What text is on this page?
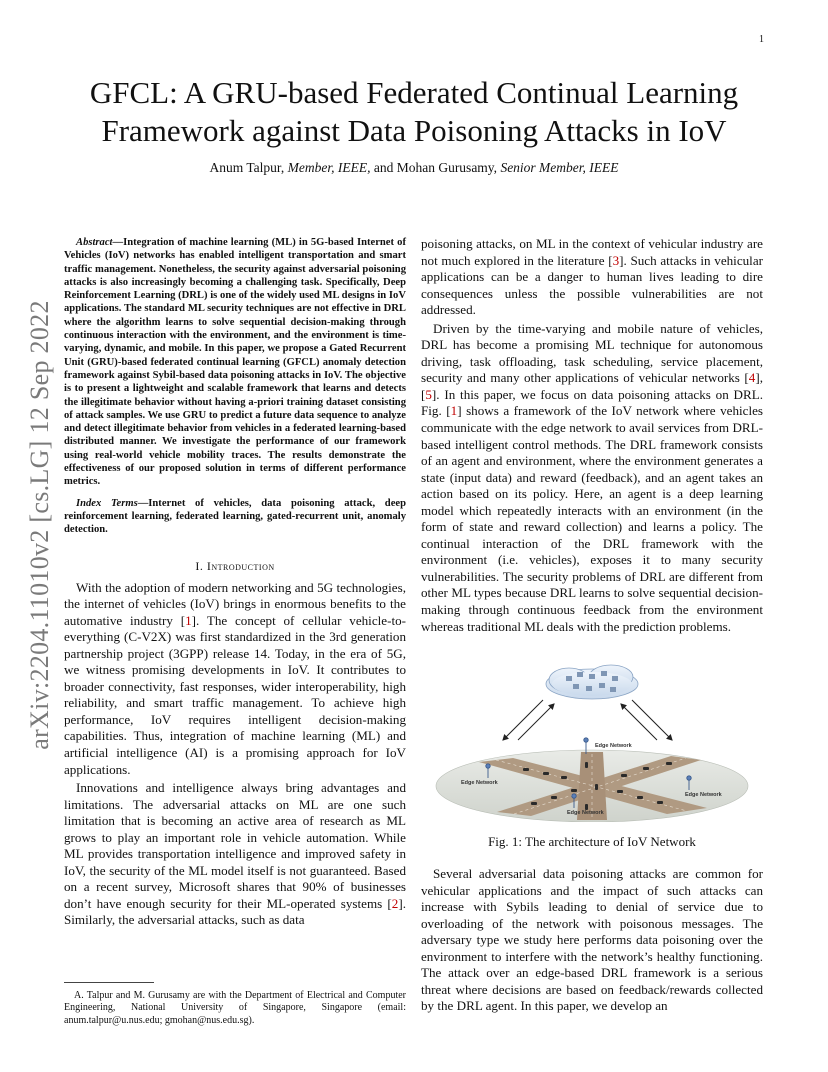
1
arXiv:2204.11010v2 [cs.LG] 12 Sep 2022
GFCL: A GRU-based Federated Continual Learning Framework against Data Poisoning Attacks in IoV
Anum Talpur, Member, IEEE, and Mohan Gurusamy, Senior Member, IEEE

Abstract—Integration of machine learning (ML) in 5G-based Internet of Vehicles (IoV) networks has enabled intelligent transportation and smart traffic management. Nonetheless, the security against adversarial poisoning attacks is also increasingly becoming a challenging task. Specifically, Deep Reinforcement Learning (DRL) is one of the widely used ML designs in IoV applications. The standard ML security techniques are not effective in DRL where the algorithm learns to solve sequential decision-making through continuous interaction with the environment, and the environment is time-varying, dynamic, and mobile. In this paper, we propose a Gated Recurrent Unit (GRU)-based federated continual learning (GFCL) anomaly detection framework against Sybil-based data poisoning attacks in IoV. The objective is to present a lightweight and scalable framework that learns and detects the illegitimate behavior without having a-priori training dataset consisting of attack samples. We use GRU to predict a future data sequence to analyze and detect illegitimate behavior from vehicles in a federated learning-based distributed manner. We investigate the performance of our framework using real-world vehicle mobility traces. The results demonstrate the effectiveness of our proposed solution in terms of different performance metrics.

Index Terms—Internet of vehicles, data poisoning attack, deep reinforcement learning, federated learning, gated-recurrent unit, anomaly detection.

I. Introduction

With the adoption of modern networking and 5G technologies, the internet of vehicles (IoV) brings in enormous benefits to the automative industry [ 1 ] . The concept of cellular vehicle-to-everything (C-V2X) was first standardized in the 3rd generation partnership project (3GPP) release 14. Today, in the era of 5G, we witness promising developments in IoV. It contributes to broader connectivity, fast responses, wider interoperability, high reliability, and smart traffic management. To achieve high performance, IoV requires intelligent decision-making capabilities. Thus, integration of machine learning (ML) and artificial intelligence (AI) is a promising approach for IoV applications.

Innovations and intelligence always bring advantages and limitations. The adversarial attacks on ML are one such limitation that is becoming an active area of research as ML grows to play an important role in vehicle automation. While ML provides transportation intelligence and improved safety in IoV, the security of the ML model itself is not guaranteed. Based on a recent survey, Microsoft shares that 90% of businesses don’t have enough security for their ML-operated systems [ 2 ] . Similarly, the adversarial attacks, such as data

poisoning attacks, on ML in the context of vehicular industry are not much explored in the literature [ 3 ] . Such attacks in vehicular applications can be a danger to human lives leading to dire consequences unless the possible vulnerabilities are not addressed.

Driven by the time-varying and mobile nature of vehicles, DRL has become a promising ML technique for autonomous driving, task offloading, task scheduling, service placement, security and many other applications of vehicular networks [ 4 ] , [ 5 ] . In this paper, we focus on data poisoning attacks on DRL. Fig. [ 1 ] shows a framework of the IoV network where vehicles communicate with the edge network to avail services from DRL-based intelligent control methods. The DRL framework consists of an agent and environment, where the environment generates a state (input data) and reward (feedback), and an agent takes an action based on its policy. Here, an agent is a deep learning model which repeatedly interacts with an environment (in the form of state and reward collection) and learns a policy. The continual interaction of the DRL framework with the environment (i.e. vehicles), exposes it to many security vulnerabilities. The security problems of DRL are different from other ML types because DRL learns to solve sequential decision-making through continuous feedback from the environment whereas traditional ML deals with the prediction problems.

Edge Network
Edge Network
Edge Network
Edge Network
Fig. 1: The architecture of IoV Network

Several adversarial data poisoning attacks are common for vehicular applications and the impact of such attacks can increase with Sybils leading to denial of service due to overloading of the network with poisonous messages. The adversary type we study here performs data poisoning over the environment to interfere with the network’s healthy functioning. The attack over an edge-based DRL framework is a serious threat where decisions are based on feedback/rewards collected by the DRL agent. In this paper, we develop an

A. Talpur and M. Gurusamy are with the Department of Electrical and Computer Engineering, National University of Singapore, Singapore (email: anum.talpur@u.nus.edu; gmohan@nus.edu.sg).
